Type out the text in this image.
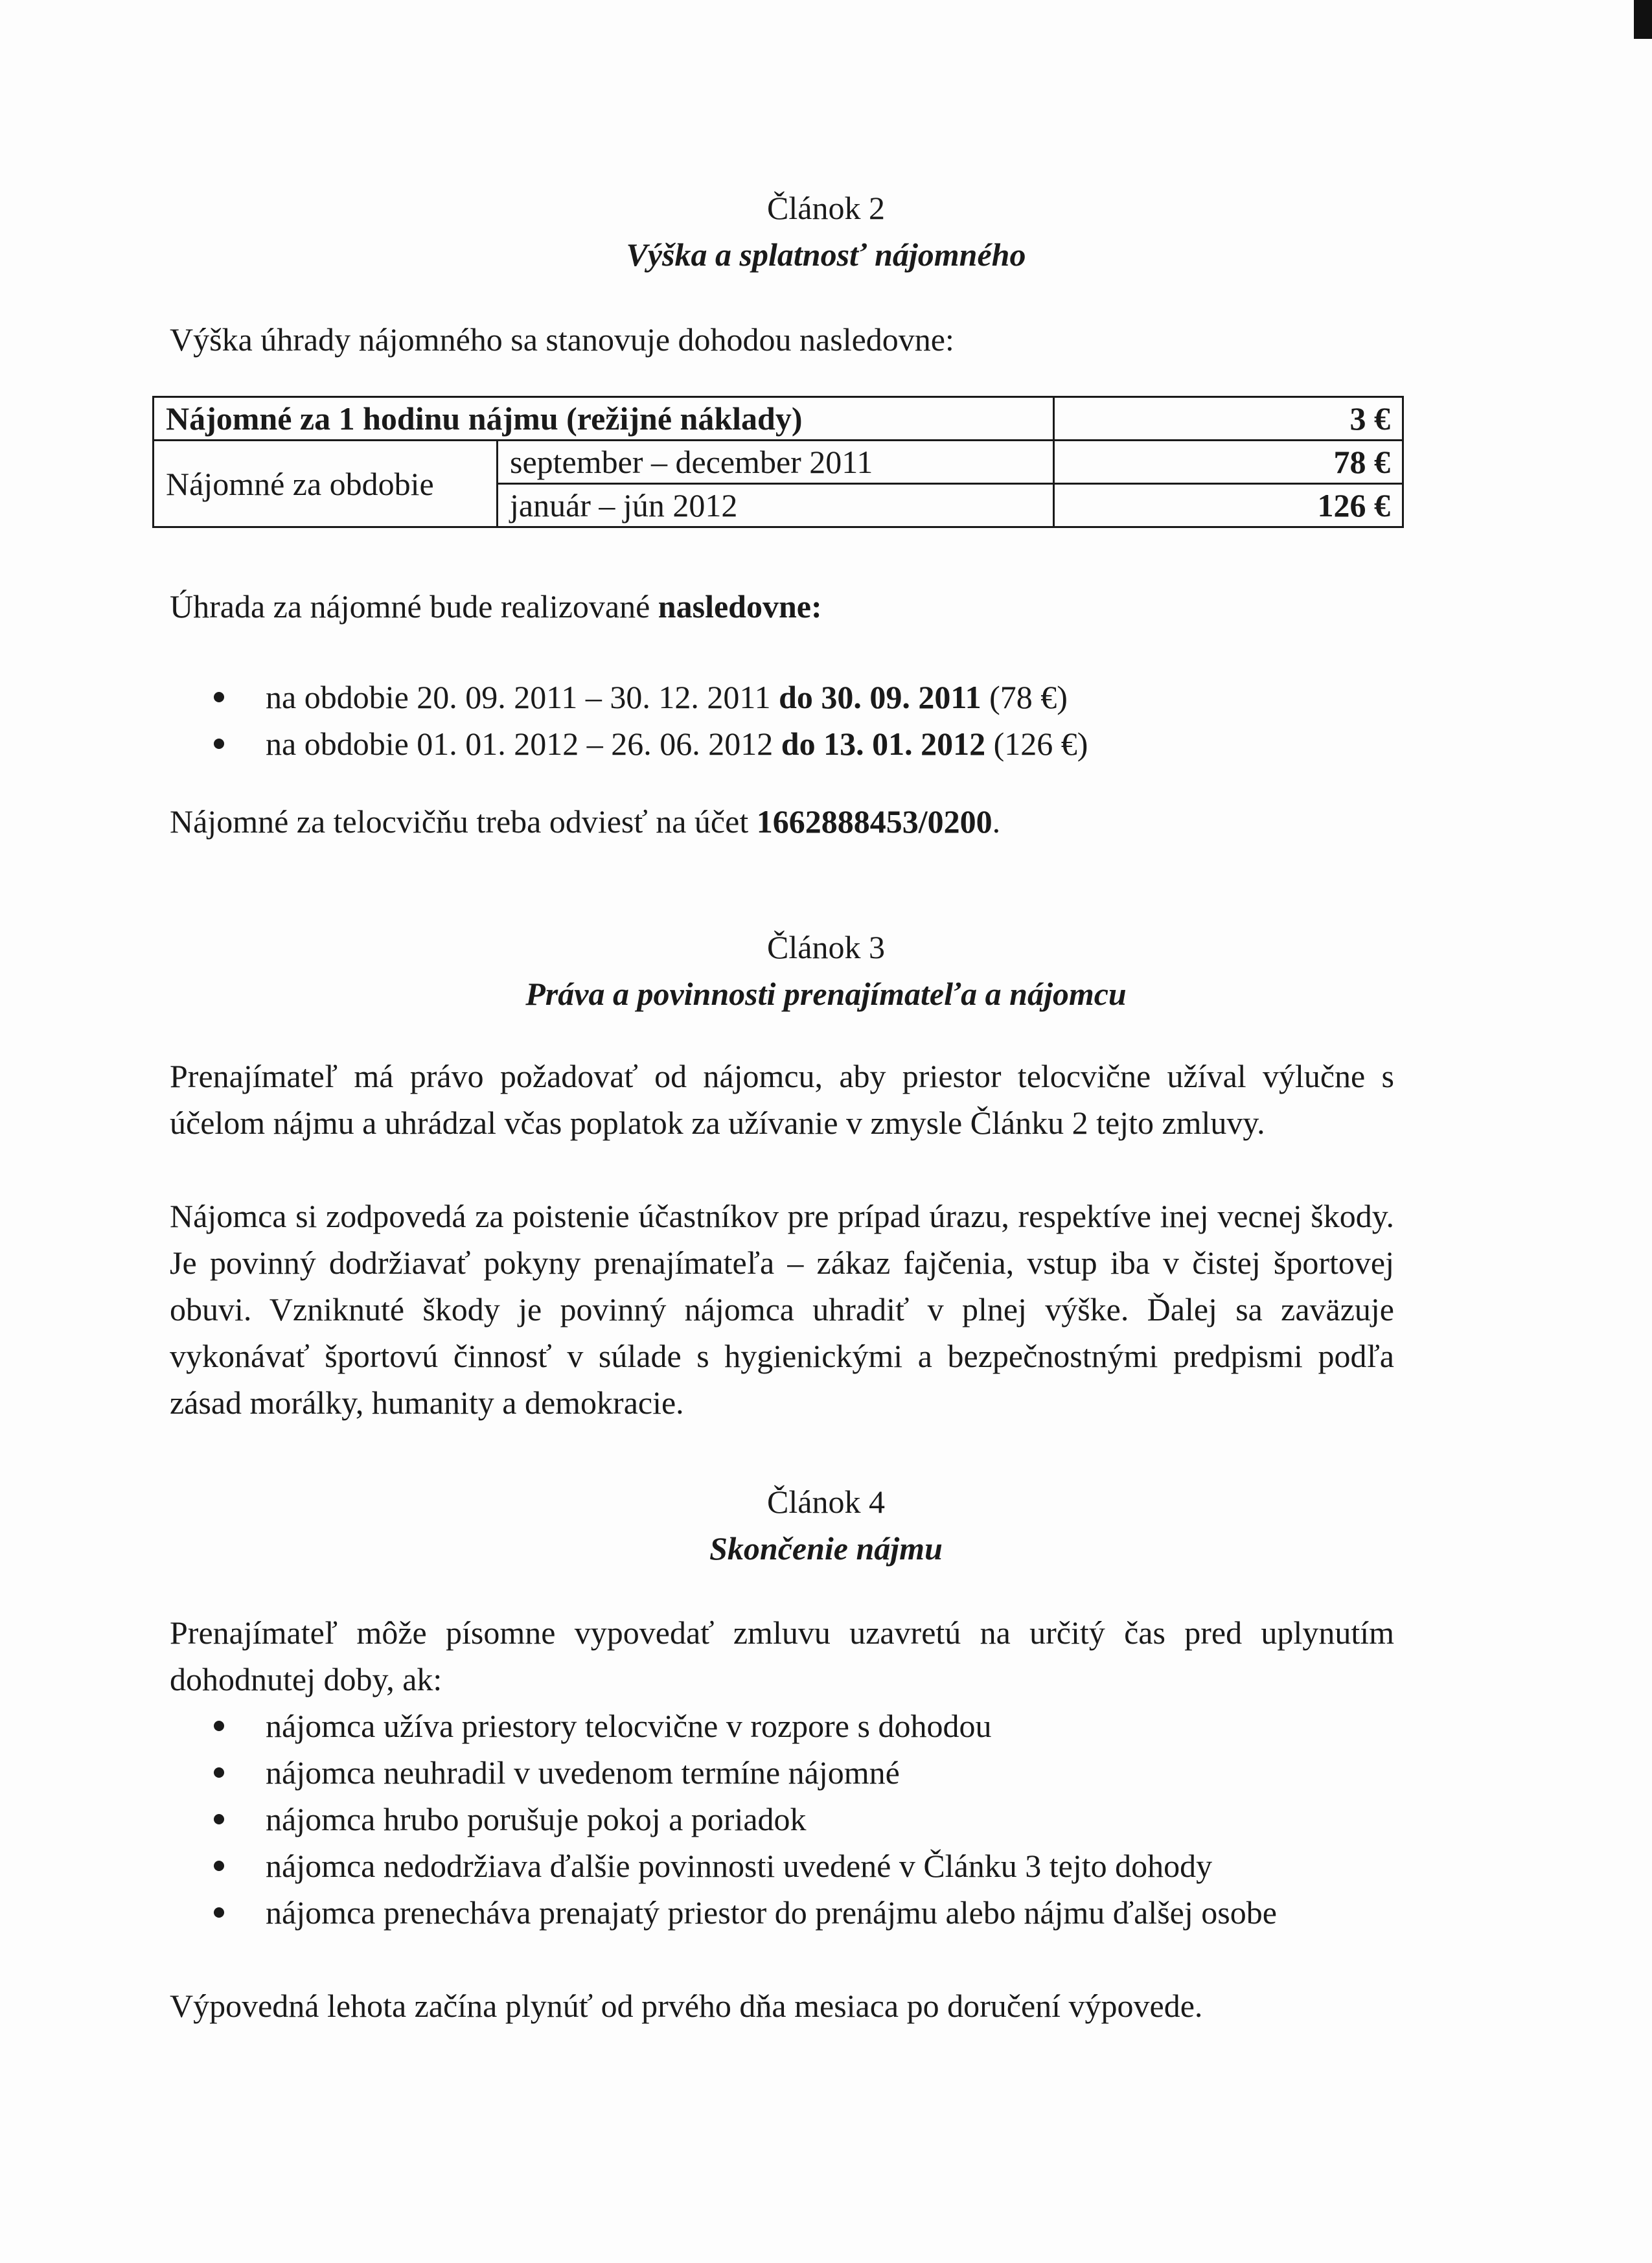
Článok 2
Výška a splatnosť nájomného
Výška úhrady nájomného sa stanovuje dohodou nasledovne:
Nájomné za 1 hodinu nájmu (režijné náklady)		3 €
Nájomné za obdobie	september – december 2011	78 €
	január – jún 2012	126 €
Úhrada za nájomné bude realizované nasledovne:
na obdobie 20. 09. 2011 – 30. 12. 2011 do 30. 09. 2011 (78 €)
na obdobie 01. 01. 2012 – 26. 06. 2012 do 13. 01. 2012 (126 €)
Nájomné za telocvičňu treba odviesť na účet 1662888453/0200.
Článok 3
Práva a povinnosti prenajímateľa a nájomcu
Prenajímateľ má právo požadovať od nájomcu, aby priestor telocvične užíval výlučne s účelom nájmu a uhrádzal včas poplatok za užívanie v zmysle Článku 2 tejto zmluvy.
Nájomca si zodpovedá za poistenie účastníkov pre prípad úrazu, respektíve inej vecnej škody. Je povinný dodržiavať pokyny prenajímateľa – zákaz fajčenia, vstup iba v čistej športovej obuvi. Vzniknuté škody je povinný nájomca uhradiť v plnej výške. Ďalej sa zaväzuje vykonávať športovú činnosť v súlade s hygienickými a bezpečnostnými predpismi podľa zásad morálky, humanity a demokracie.
Článok 4
Skončenie nájmu
Prenajímateľ môže písomne vypovedať zmluvu uzavretú na určitý čas pred uplynutím dohodnutej doby, ak:
nájomca užíva priestory telocvične v rozpore s dohodou
nájomca neuhradil v uvedenom termíne nájomné
nájomca hrubo porušuje pokoj a poriadok
nájomca nedodržiava ďalšie povinnosti uvedené v Článku 3 tejto dohody
nájomca prenecháva prenajatý priestor do prenájmu alebo nájmu ďalšej osobe
Výpovedná lehota začína plynúť od prvého dňa mesiaca po doručení výpovede.
